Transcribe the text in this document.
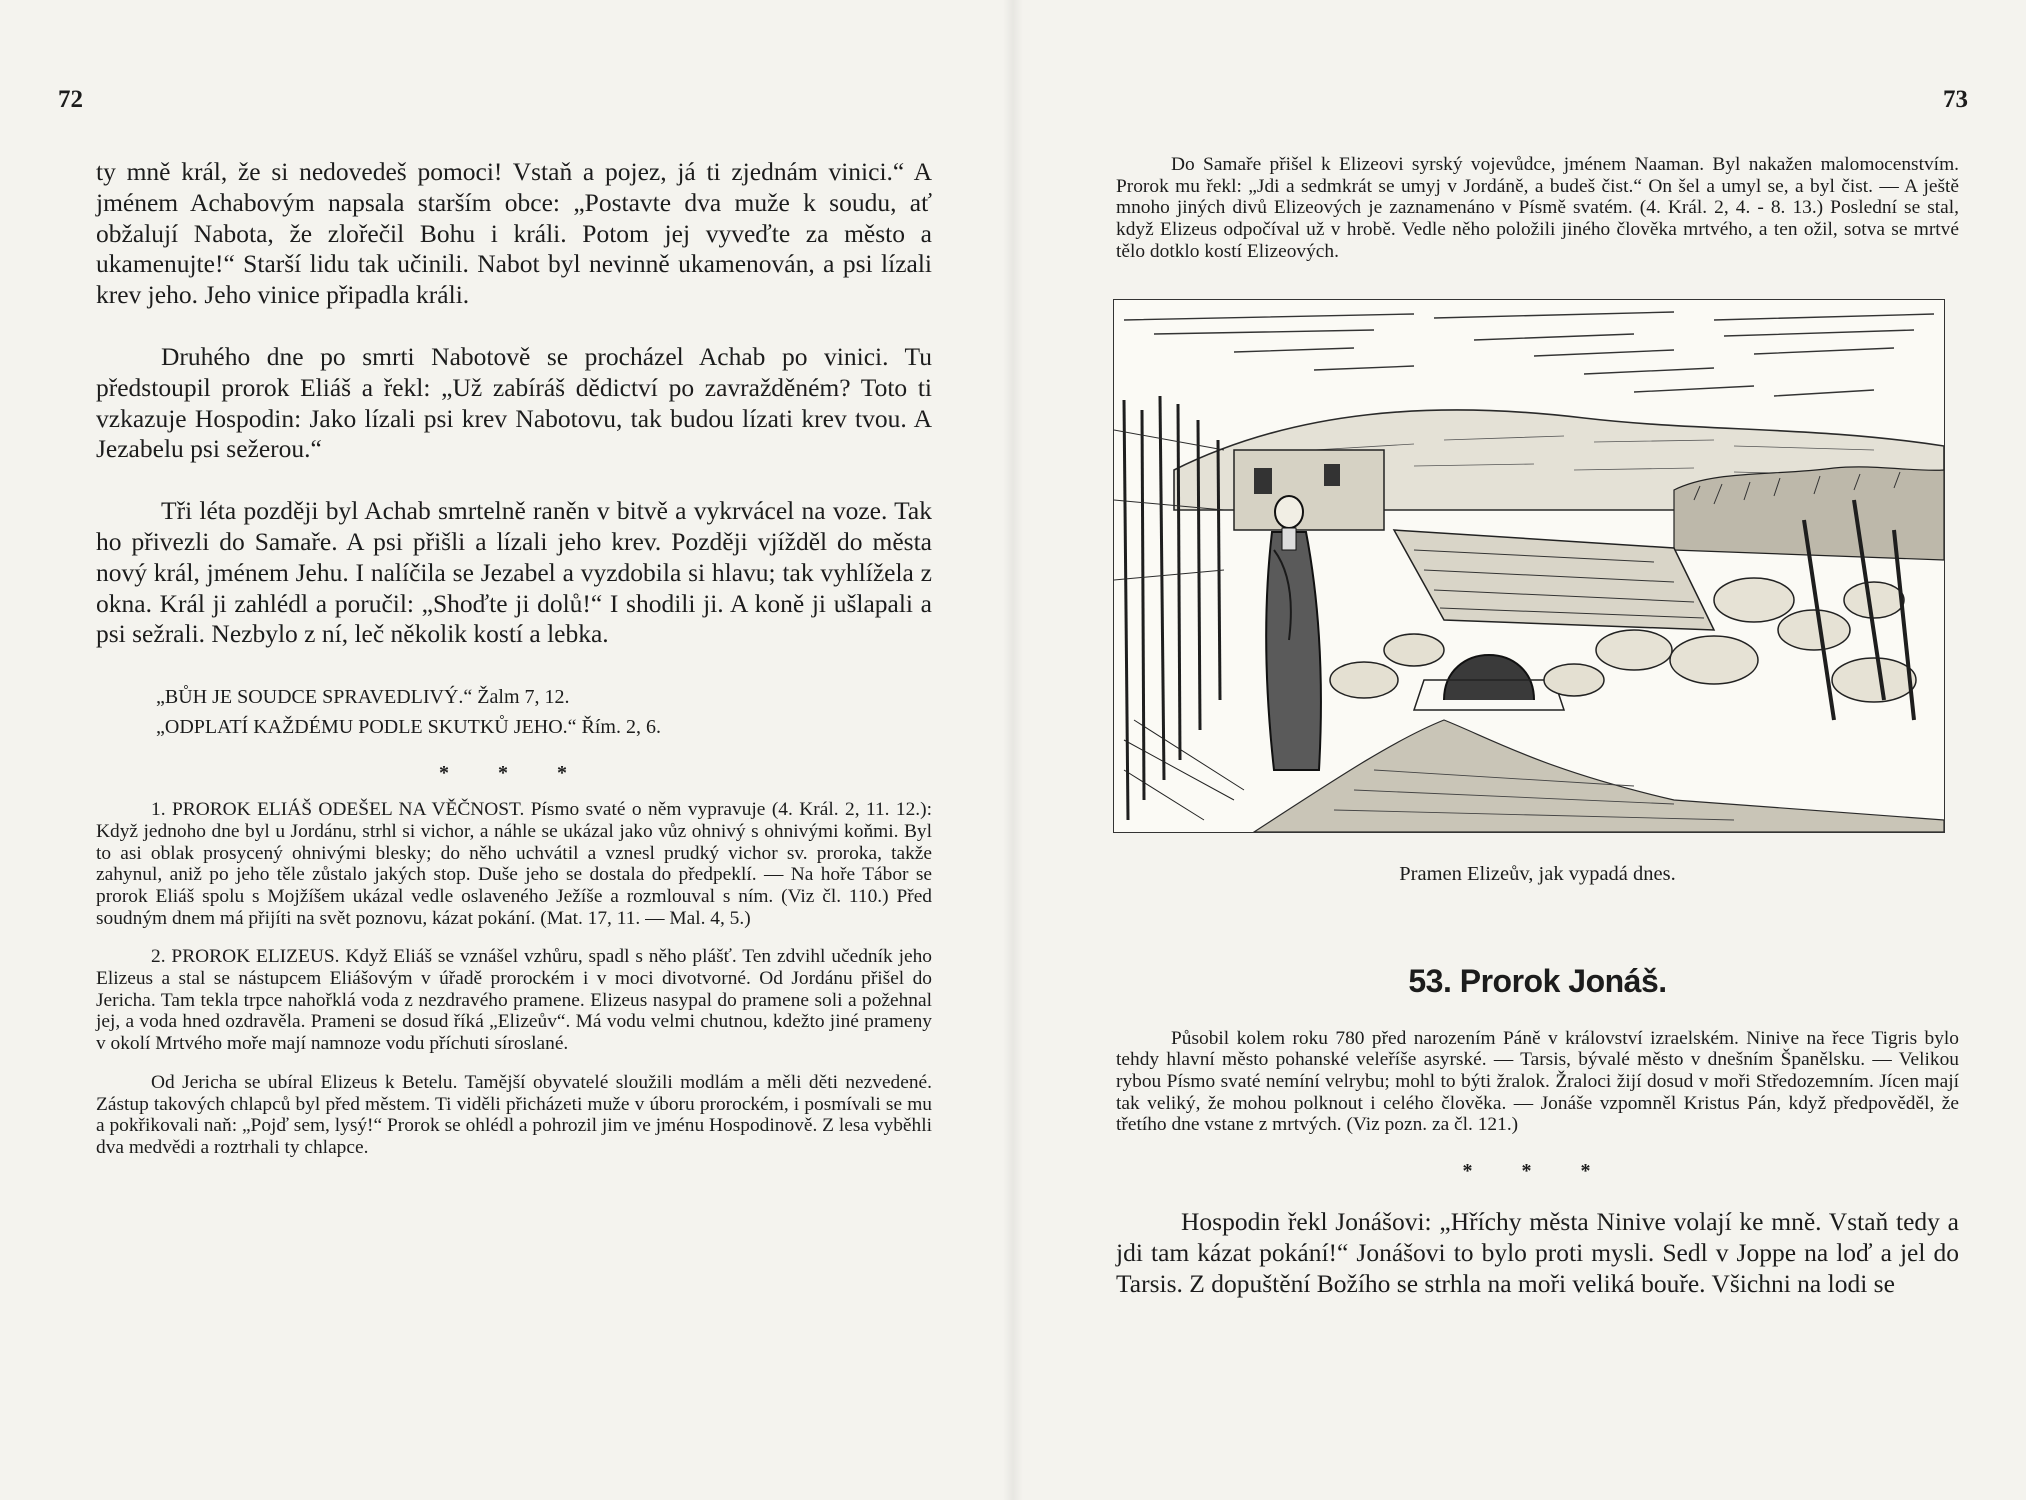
72

ty mně král, že si nedovedeš pomoci! Vstaň a pojez, já ti zjednám vinici.“ A jménem Achabovým napsala starším obce: „Postavte dva muže k soudu, ať obžalují Nabota, že zlořečil Bohu i králi. Potom jej vyveďte za město a ukamenujte!“ Starší lidu tak učinili. Nabot byl nevinně ukamenován, a psi lízali krev jeho. Jeho vinice připadla králi.

Druhého dne po smrti Nabotově se procházel Achab po vinici. Tu předstoupil prorok Eliáš a řekl: „Už zabíráš dědictví po zavražděném? Toto ti vzkazuje Hospodin: Jako lízali psi krev Nabotovu, tak budou lízati krev tvou. A Jezabelu psi sežerou.“

Tři léta později byl Achab smrtelně raněn v bitvě a vykrvácel na voze. Tak ho přivezli do Samaře. A psi přišli a lízali jeho krev. Později vjížděl do města nový král, jménem Jehu. I nalíčila se Jezabel a vyzdobila si hlavu; tak vyhlížela z okna. Král ji zahlédl a poručil: „Shoďte ji dolů!“ I shodili ji. A koně ji ušlapali a psi sežrali. Nezbylo z ní, leč několik kostí a lebka.

„BŮH JE SOUDCE SPRAVEDLIVÝ.“ Žalm 7, 12.
„ODPLATÍ KAŽDÉMU PODLE SKUTKŮ JEHO.“ Řím. 2, 6.
* * *

1. PROROK ELIÁŠ ODEŠEL NA VĚČNOST. Písmo svaté o něm vypravuje (4. Král. 2, 11. 12.): Když jednoho dne byl u Jordánu, strhl si vichor, a náhle se ukázal jako vůz ohnivý s ohnivými koňmi. Byl to asi oblak prosycený ohnivými blesky; do něho uchvátil a vznesl prudký vichor sv. proroka, takže zahynul, aniž po jeho těle zůstalo jakých stop. Duše jeho se dostala do předpeklí. — Na hoře Tábor se prorok Eliáš spolu s Mojžíšem ukázal vedle oslaveného Ježíše a rozmlouval s ním. (Viz čl. 110.) Před soudným dnem má přijíti na svět poznovu, kázat pokání. (Mat. 17, 11. — Mal. 4, 5.)

2. PROROK ELIZEUS. Když Eliáš se vznášel vzhůru, spadl s něho plášť. Ten zdvihl učedník jeho Elizeus a stal se nástupcem Eliášovým v úřadě prorockém i v moci divotvorné. Od Jordánu přišel do Jericha. Tam tekla trpce nahořklá voda z nezdravého pramene. Elizeus nasypal do pramene soli a požehnal jej, a voda hned ozdravěla. Prameni se dosud říká „Elizeův“. Má vodu velmi chutnou, kdežto jiné prameny v okolí Mrtvého moře mají namnoze vodu příchuti síroslané.

Od Jericha se ubíral Elizeus k Betelu. Tamější obyvatelé sloužili modlám a měli děti nezvedené. Zástup takových chlapců byl před městem. Ti viděli přicházeti muže v úboru prorockém, i posmívali se mu a pokřikovali naň: „Pojď sem, lysý!“ Prorok se ohlédl a pohrozil jim ve jménu Hospodinově. Z lesa vyběhli dva medvědi a roztrhali ty chlapce.

73

Do Samaře přišel k Elizeovi syrský vojevůdce, jménem Naaman. Byl nakažen malomocenstvím. Prorok mu řekl: „Jdi a sedmkrát se umyj v Jordáně, a budeš čist.“ On šel a umyl se, a byl čist. — A ještě mnoho jiných divů Elizeových je zaznamenáno v Písmě svatém. (4. Král. 2, 4. - 8. 13.) Poslední se stal, když Elizeus odpočíval už v hrobě. Vedle něho položili jiného člověka mrtvého, a ten ožil, sotva se mrtvé tělo dotklo kostí Elizeových.

Pramen Elizeův, jak vypadá dnes.
53. Prorok Jonáš.

Působil kolem roku 780 před narozením Páně v království izraelském. Ninive na řece Tigris bylo tehdy hlavní město pohanské veleříše asyrské. — Tarsis, bývalé město v dnešním Španělsku. — Velikou rybou Písmo svaté nemíní velrybu; mohl to býti žralok. Žraloci žijí dosud v moři Středozemním. Jícen mají tak veliký, že mohou polknout i celého člověka. — Jonáše vzpomněl Kristus Pán, když předpověděl, že třetího dne vstane z mrtvých. (Viz pozn. za čl. 121.)

* * *

Hospodin řekl Jonášovi: „Hříchy města Ninive volají ke mně. Vstaň tedy a jdi tam kázat pokání!“ Jonášovi to bylo proti mysli. Sedl v Joppe na loď a jel do Tarsis. Z dopuštění Božího se strhla na moři veliká bouře. Všichni na lodi se
